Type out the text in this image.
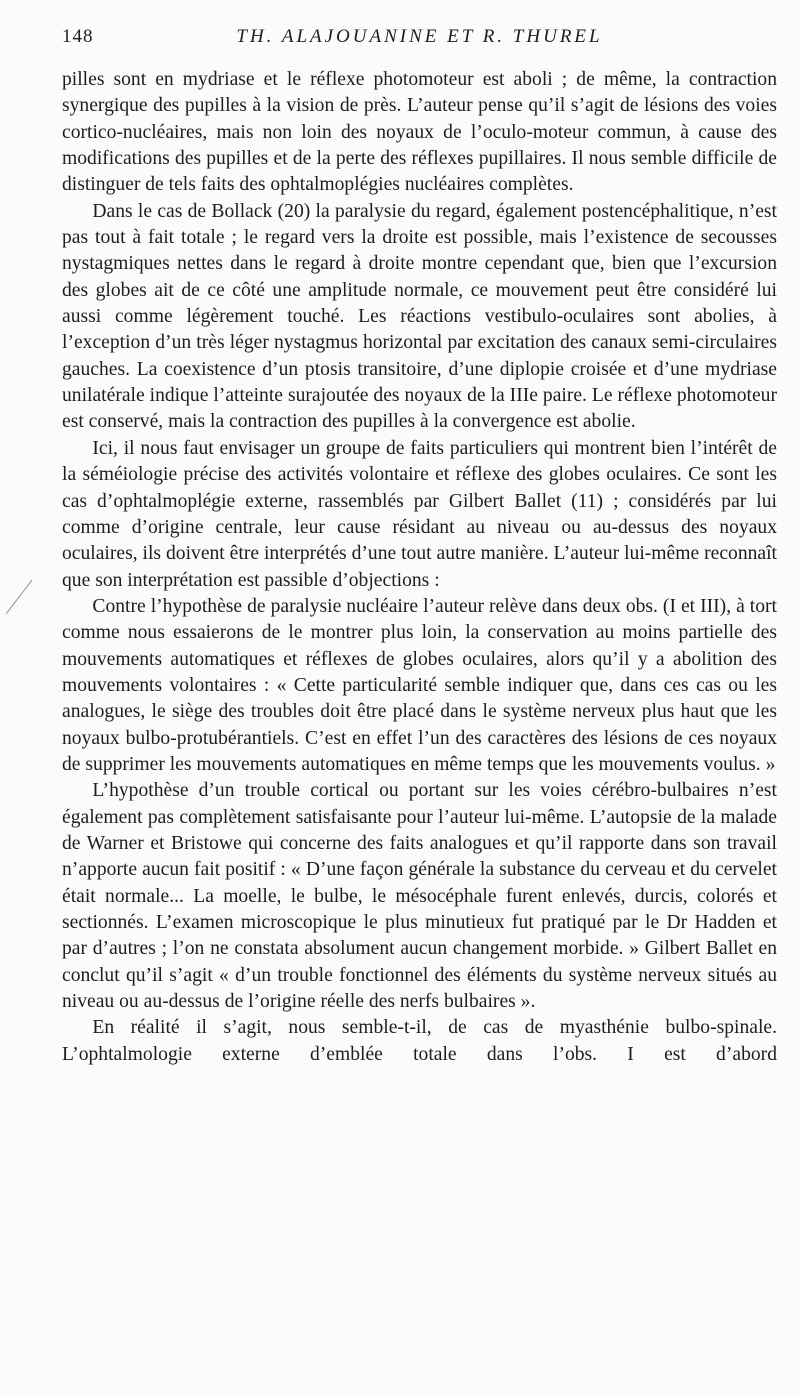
148	TH. ALAJOUANINE ET R. THUREL

pilles sont en mydriase et le réflexe photomoteur est aboli ; de même, la contraction synergique des pupilles à la vision de près. L’auteur pense qu’il s’agit de lésions des voies cortico-nucléaires, mais non loin des noyaux de l’oculo-moteur commun, à cause des modifications des pupilles et de la perte des réflexes pupillaires. Il nous semble difficile de distinguer de tels faits des ophtalmoplégies nucléaires complètes.

Dans le cas de Bollack (20) la paralysie du regard, également postencéphalitique, n’est pas tout à fait totale ; le regard vers la droite est possible, mais l’existence de secousses nystagmiques nettes dans le regard à droite montre cependant que, bien que l’excursion des globes ait de ce côté une amplitude normale, ce mouvement peut être considéré lui aussi comme légèrement touché. Les réactions vestibulo-oculaires sont abolies, à l’exception d’un très léger nystagmus horizontal par excitation des canaux semi-circulaires gauches. La coexistence d’un ptosis transitoire, d’une diplopie croisée et d’une mydriase unilatérale indique l’atteinte surajoutée des noyaux de la IIIe paire. Le réflexe photomoteur est conservé, mais la contraction des pupilles à la convergence est abolie.

Ici, il nous faut envisager un groupe de faits particuliers qui montrent bien l’intérêt de la séméiologie précise des activités volontaire et réflexe des globes oculaires. Ce sont les cas d’ophtalmoplégie externe, rassemblés par Gilbert Ballet (11) ; considérés par lui comme d’origine centrale, leur cause résidant au niveau ou au-dessus des noyaux oculaires, ils doivent être interprétés d’une tout autre manière. L’auteur lui-même reconnaît que son interprétation est passible d’objections :

Contre l’hypothèse de paralysie nucléaire l’auteur relève dans deux obs. (I et III), à tort comme nous essaierons de le montrer plus loin, la conservation au moins partielle des mouvements automatiques et réflexes de globes oculaires, alors qu’il y a abolition des mouvements volontaires : « Cette particularité semble indiquer que, dans ces cas ou les analogues, le siège des troubles doit être placé dans le système nerveux plus haut que les noyaux bulbo-protubérantiels. C’est en effet l’un des caractères des lésions de ces noyaux de supprimer les mouvements automatiques en même temps que les mouvements voulus. »

L’hypothèse d’un trouble cortical ou portant sur les voies cérébro-bulbaires n’est également pas complètement satisfaisante pour l’auteur lui-même. L’autopsie de la malade de Warner et Bristowe qui concerne des faits analogues et qu’il rapporte dans son travail n’apporte aucun fait positif : « D’une façon générale la substance du cerveau et du cervelet était normale... La moelle, le bulbe, le mésocéphale furent enlevés, durcis, colorés et sectionnés. L’examen microscopique le plus minutieux fut pratiqué par le Dr Hadden et par d’autres ; l’on ne constata absolument aucun changement morbide. » Gilbert Ballet en conclut qu’il s’agit « d’un trouble fonctionnel des éléments du système nerveux situés au niveau ou au-dessus de l’origine réelle des nerfs bulbaires ».

En réalité il s’agit, nous semble-t-il, de cas de myasthénie bulbo-spinale. L’ophtalmologie externe d’emblée totale dans l’obs. I est d’abord
